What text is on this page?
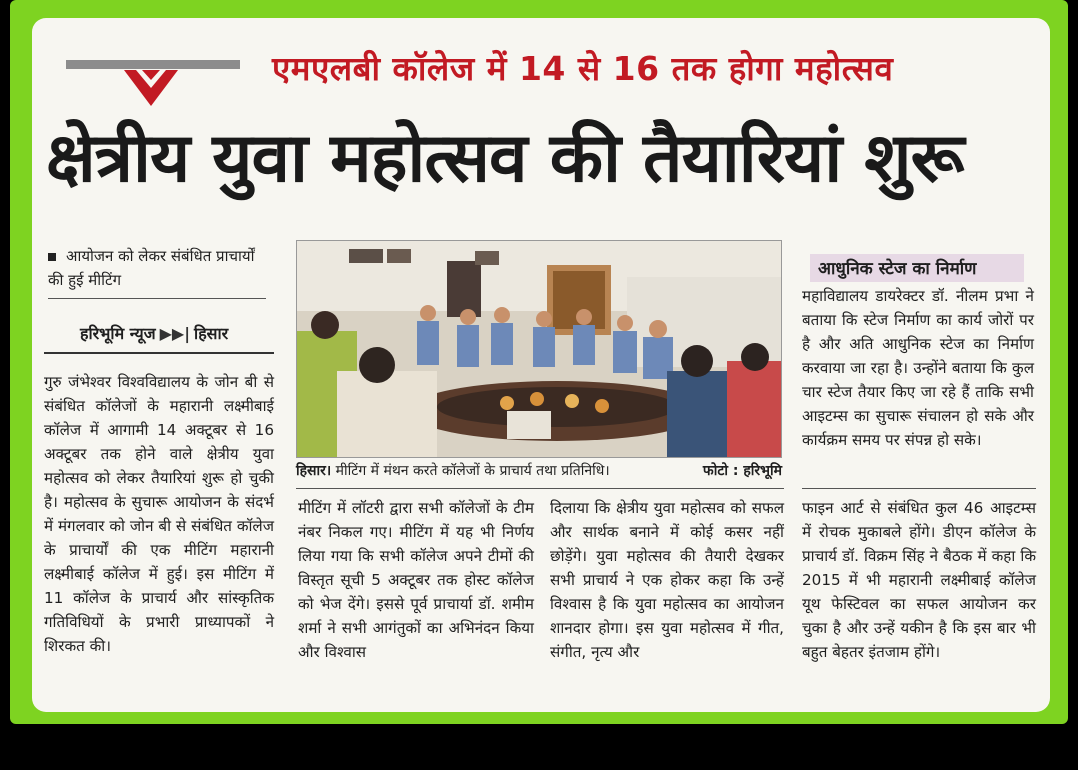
एमएलबी कॉलेज में 14 से 16 तक होगा महोत्सव
क्षेत्रीय युवा महोत्सव की तैयारियां शुरू
आयोजन को लेकर संबंधित प्राचार्यों की हुई मीटिंग
हरिभूमि न्यूज ▶▶| हिसार
गुरु जंभेश्वर विश्वविद्यालय के जोन बी से संबंधित कॉलेजों के महारानी लक्ष्मीबाई कॉलेज में आगामी 14 अक्टूबर से 16 अक्टूबर तक होने वाले क्षेत्रीय युवा महोत्सव को लेकर तैयारियां शुरू हो चुकी है। महोत्सव के सुचारू आयोजन के संदर्भ में मंगलवार को जोन बी से संबंधित कॉलेज के प्राचार्यों की एक मीटिंग महारानी लक्ष्मीबाई कॉलेज में हुई। इस मीटिंग में 11 कॉलेज के प्राचार्य और सांस्कृतिक गतिविधियों के प्रभारी प्राध्यापकों ने शिरकत की।
हिसार। मीटिंग में मंथन करते कॉलेजों के प्राचार्य तथा प्रतिनिधि।	फोटो : हरिभूमि
मीटिंग में लॉटरी द्वारा सभी कॉलेजों के टीम नंबर निकल गए। मीटिंग में यह भी निर्णय लिया गया कि सभी कॉलेज अपने टीमों की विस्तृत सूची 5 अक्टूबर तक होस्ट कॉलेज को भेज देंगे। इससे पूर्व प्राचार्या डॉ. शमीम शर्मा ने सभी आगंतुकों का अभिनंदन किया और विश्वास
दिलाया कि क्षेत्रीय युवा महोत्सव को सफल और सार्थक बनाने में कोई कसर नहीं छोड़ेंगे। युवा महोत्सव की तैयारी देखकर सभी प्राचार्य ने एक होकर कहा कि उन्हें विश्वास है कि युवा महोत्सव का आयोजन शानदार होगा। इस युवा महोत्सव में गीत, संगीत, नृत्य और
आधुनिक स्टेज का निर्माण
महाविद्यालय डायरेक्टर डॉ. नीलम प्रभा ने बताया कि स्टेज निर्माण का कार्य जोरों पर है और अति आधुनिक स्टेज का निर्माण करवाया जा रहा है। उन्होंने बताया कि कुल चार स्टेज तैयार किए जा रहे हैं ताकि सभी आइटम्स का सुचारू संचालन हो सके और कार्यक्रम समय पर संपन्न हो सके।
फाइन आर्ट से संबंधित कुल 46 आइटम्स में रोचक मुकाबले होंगे। डीएन कॉलेज के प्राचार्य डॉ. विक्रम सिंह ने बैठक में कहा कि 2015 में भी महारानी लक्ष्मीबाई कॉलेज यूथ फेस्टिवल का सफल आयोजन कर चुका है और उन्हें यकीन है कि इस बार भी बहुत बेहतर इंतजाम होंगे।
